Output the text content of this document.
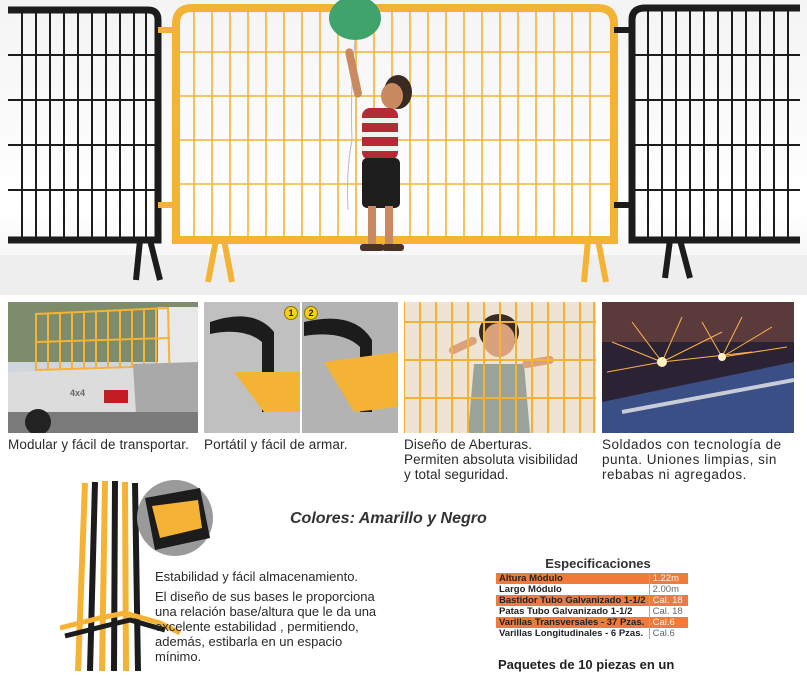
4x4
1	2
Modular y fácil de transportar. Portátil y fácil de armar.	Diseño de Aberturas.
Permiten absoluta visibilidad
y total seguridad.
Soldados con tecnología de
punta. Uniones limpias, sin
rebabas ni agregados.
Colores: Amarillo y Negro
Estabilidad y fácil almacenamiento.
El diseño de sus bases le proporciona
una relación base/altura que le da una
excelente estabilidad , permitiendo,
además, estibarla en un espacio
mínimo.
Especificaciones
Altura Módulo	1.22m
Largo Módulo	2.00m
Bastidor Tubo Galvanizado 1-1/2	Cal. 18
Patas Tubo Galvanizado 1-1/2	Cal. 18
Varillas Transversales - 37 Pzas.	Cal.6
Varillas Longitudinales - 6 Pzas.	Cal.6
Paquetes de 10 piezas en un
